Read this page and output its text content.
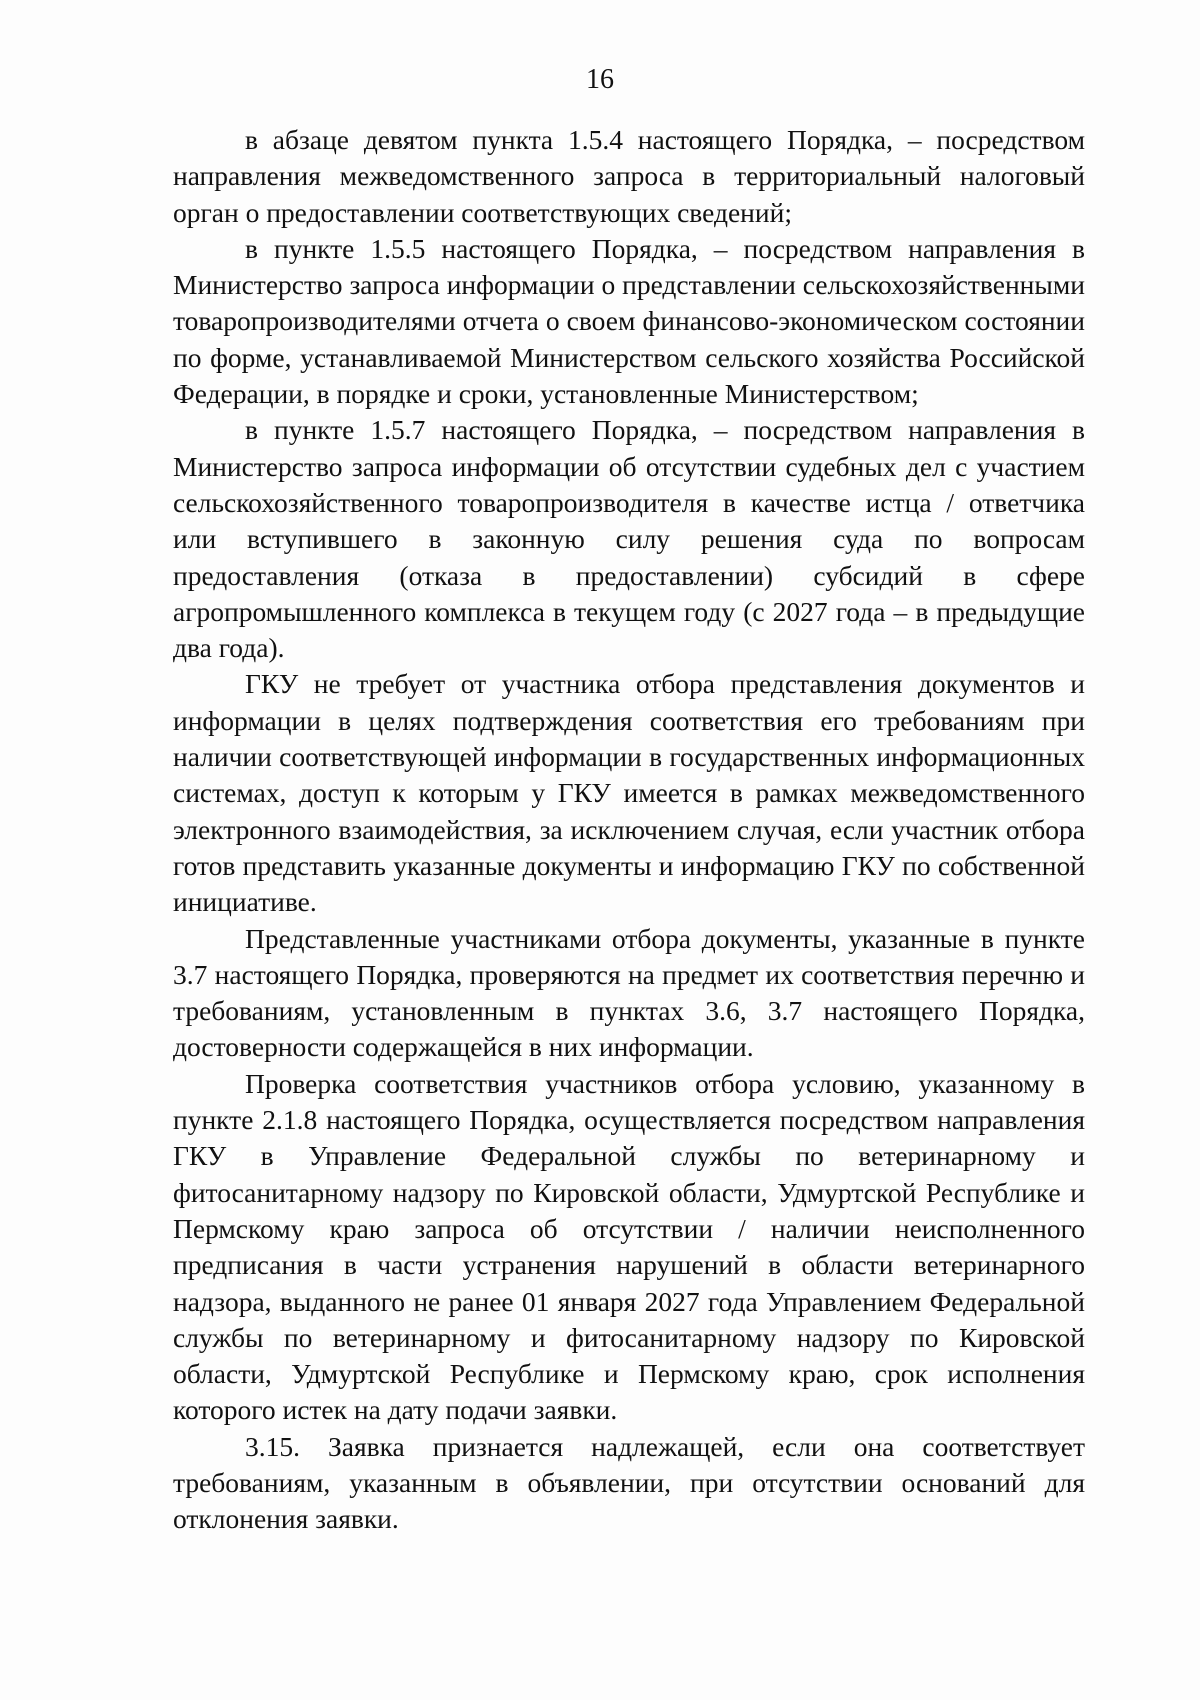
16

в абзаце девятом пункта 1.5.4 настоящего Порядка, – посредством направления межведомственного запроса в территориальный налоговый орган о предоставлении соответствующих сведений;

в пункте 1.5.5 настоящего Порядка, – посредством направления в Министерство запроса информации о представлении сельскохозяйственными товаропроизводителями отчета о своем финансово-экономическом состоянии по форме, устанавливаемой Министерством сельского хозяйства Российской Федерации, в порядке и сроки, установленные Министерством;

в пункте 1.5.7 настоящего Порядка, – посредством направления в Министерство запроса информации об отсутствии судебных дел с участием сельскохозяйственного товаропроизводителя в качестве истца / ответчика или вступившего в законную силу решения суда по вопросам предоставления (отказа в предоставлении) субсидий в сфере агропромышленного комплекса в текущем году (с 2027 года – в предыдущие два года).

ГКУ не требует от участника отбора представления документов и информации в целях подтверждения соответствия его требованиям при наличии соответствующей информации в государственных информационных системах, доступ к которым у ГКУ имеется в рамках межведомственного электронного взаимодействия, за исключением случая, если участник отбора готов представить указанные документы и информацию ГКУ по собственной инициативе.

Представленные участниками отбора документы, указанные в пункте 3.7 настоящего Порядка, проверяются на предмет их соответствия перечню и требованиям, установленным в пунктах 3.6, 3.7 настоящего Порядка, достоверности содержащейся в них информации.

Проверка соответствия участников отбора условию, указанному в пункте 2.1.8 настоящего Порядка, осуществляется посредством направления ГКУ в Управление Федеральной службы по ветеринарному и фитосанитарному надзору по Кировской области, Удмуртской Республике и Пермскому краю запроса об отсутствии / наличии неисполненного предписания в части устранения нарушений в области ветеринарного надзора, выданного не ранее 01 января 2027 года Управлением Федеральной службы по ветеринарному и фитосанитарному надзору по Кировской области, Удмуртской Республике и Пермскому краю, срок исполнения которого истек на дату подачи заявки.

3.15. Заявка признается надлежащей, если она соответствует требованиям, указанным в объявлении, при отсутствии оснований для отклонения заявки.
